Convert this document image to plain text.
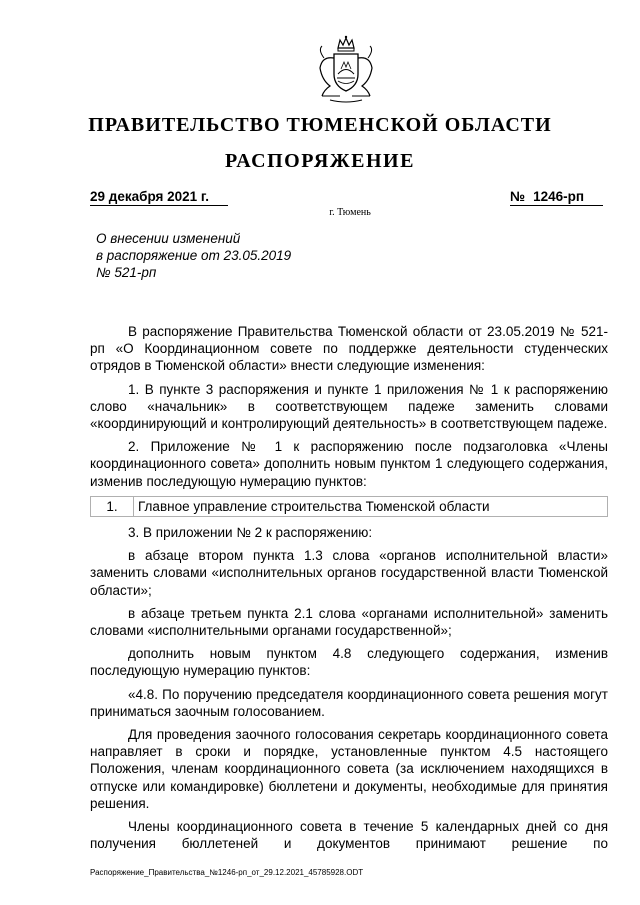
ПРАВИТЕЛЬСТВО ТЮМЕНСКОЙ ОБЛАСТИ
РАСПОРЯЖЕНИЕ
29 декабря 2021 г.	№ 1246-рп
г. Тюмень
О внесении изменений
в распоряжение от 23.05.2019
№ 521-рп

В распоряжение Правительства Тюменской области от 23.05.2019 № 521-рп «О Координационном совете по поддержке деятельности студенческих отрядов в Тюменской области» внести следующие изменения:

1. В пункте 3 распоряжения и пункте 1 приложения № 1 к распоряжению слово «начальник» в соответствующем падеже заменить словами «координирующий и контролирующий деятельность» в соответствующем падеже.

2. Приложение № 1 к распоряжению после подзаголовка «Члены координационного совета» дополнить новым пунктом 1 следующего содержания, изменив последующую нумерацию пунктов:

1.	Главное управление строительства Тюменской области

3. В приложении № 2 к распоряжению:

в абзаце втором пункта 1.3 слова «органов исполнительной власти» заменить словами «исполнительных органов государственной власти Тюменской области»;

в абзаце третьем пункта 2.1 слова «органами исполнительной» заменить словами «исполнительными органами государственной»;

дополнить новым пунктом 4.8 следующего содержания, изменив последующую нумерацию пунктов:

«4.8. По поручению председателя координационного совета решения могут приниматься заочным голосованием.

Для проведения заочного голосования секретарь координационного совета направляет в сроки и порядке, установленные пунктом 4.5 настоящего Положения, членам координационного совета (за исключением находящихся в отпуске или командировке) бюллетени и документы, необходимые для принятия решения.

Члены координационного совета в течение 5 календарных дней со дня получения бюллетеней и документов принимают решение по

Распоряжение_Правительства_№1246-рп_от_29.12.2021_45785928.ODT
